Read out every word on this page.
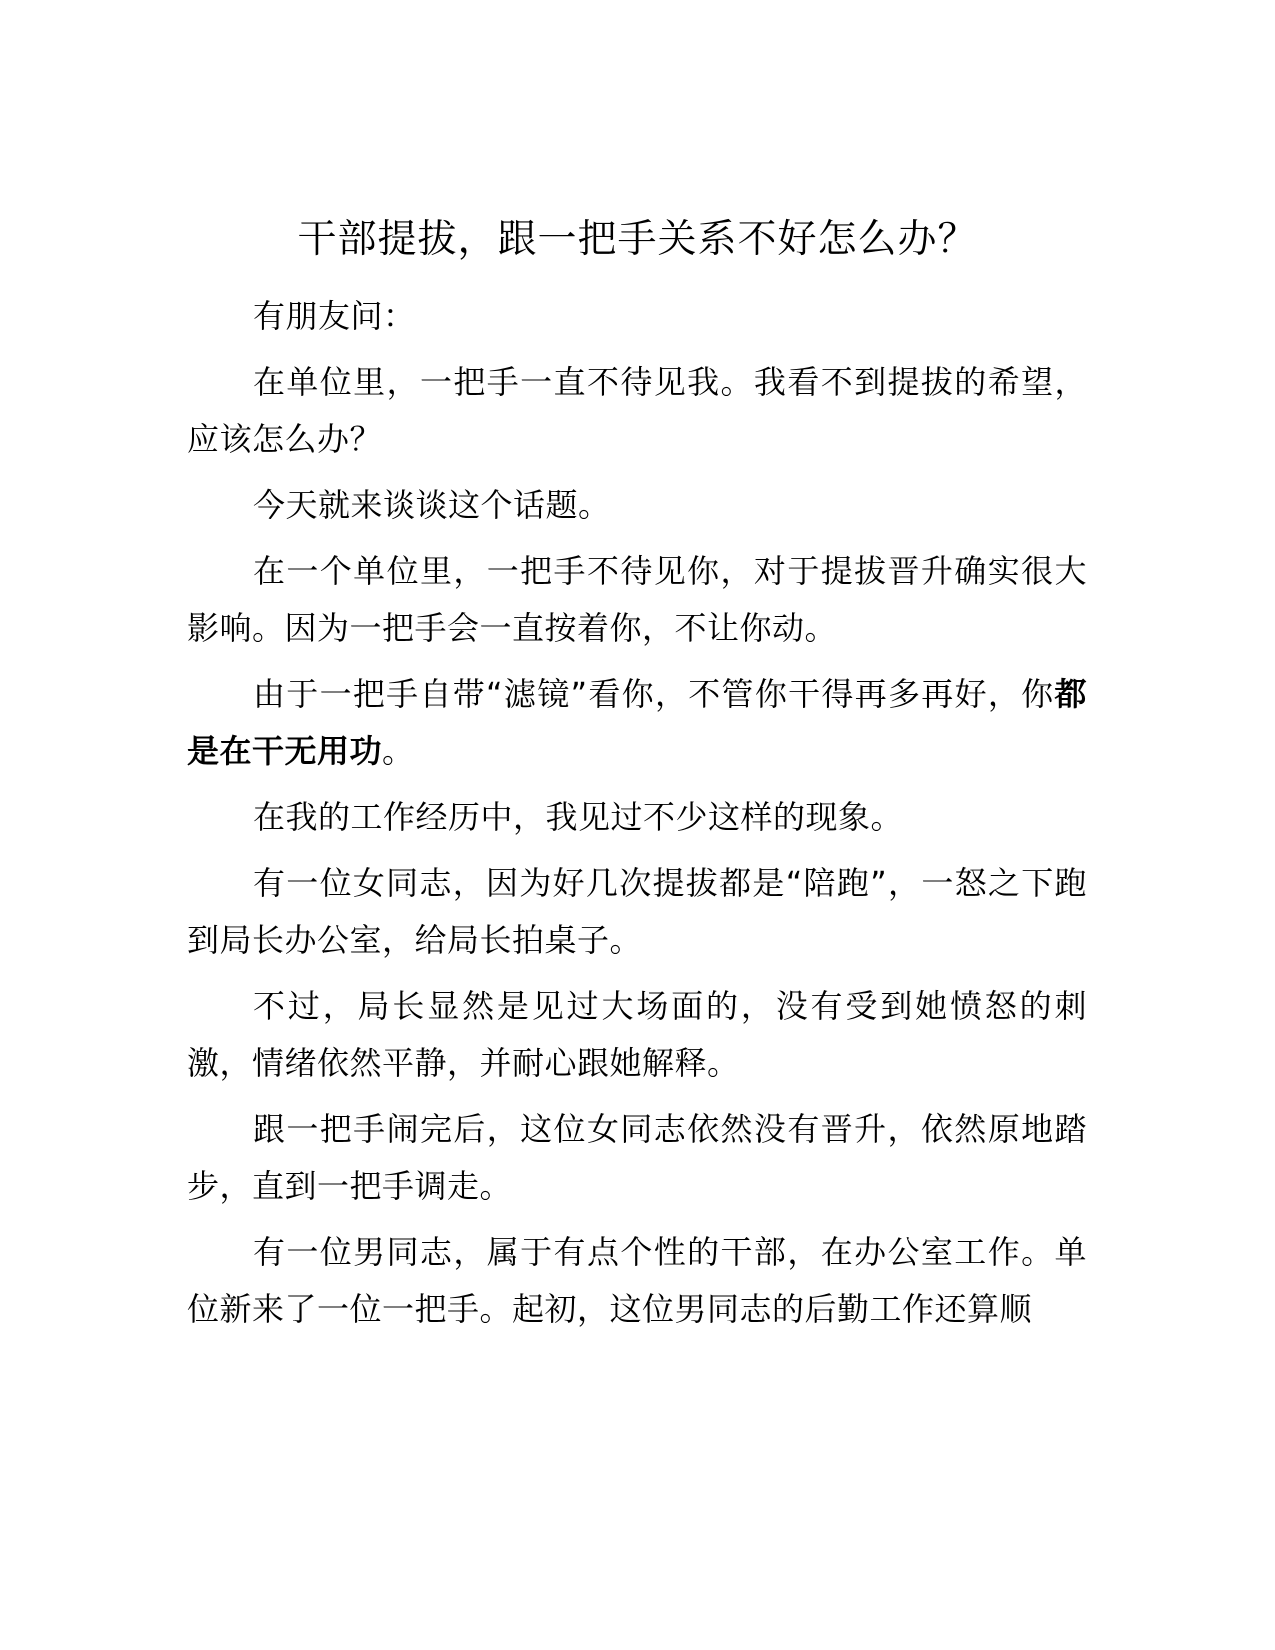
干部提拔，跟一把手关系不好怎么办？

有朋友问：

在单位里，一把手一直不待见我。我看不到提拔的希望，应该怎么办？

今天就来谈谈这个话题。

在一个单位里，一把手不待见你，对于提拔晋升确实很大影响。因为一把手会一直按着你，不让你动。

由于一把手自带“滤镜”看你，不管你干得再多再好，你都是在干无用功。

在我的工作经历中，我见过不少这样的现象。

有一位女同志，因为好几次提拔都是“陪跑”，一怒之下跑到局长办公室，给局长拍桌子。

不过，局长显然是见过大场面的，没有受到她愤怒的刺激，情绪依然平静，并耐心跟她解释。

跟一把手闹完后，这位女同志依然没有晋升，依然原地踏步，直到一把手调走。

有一位男同志，属于有点个性的干部，在办公室工作。单位新来了一位一把手。起初，这位男同志的后勤工作还算顺
